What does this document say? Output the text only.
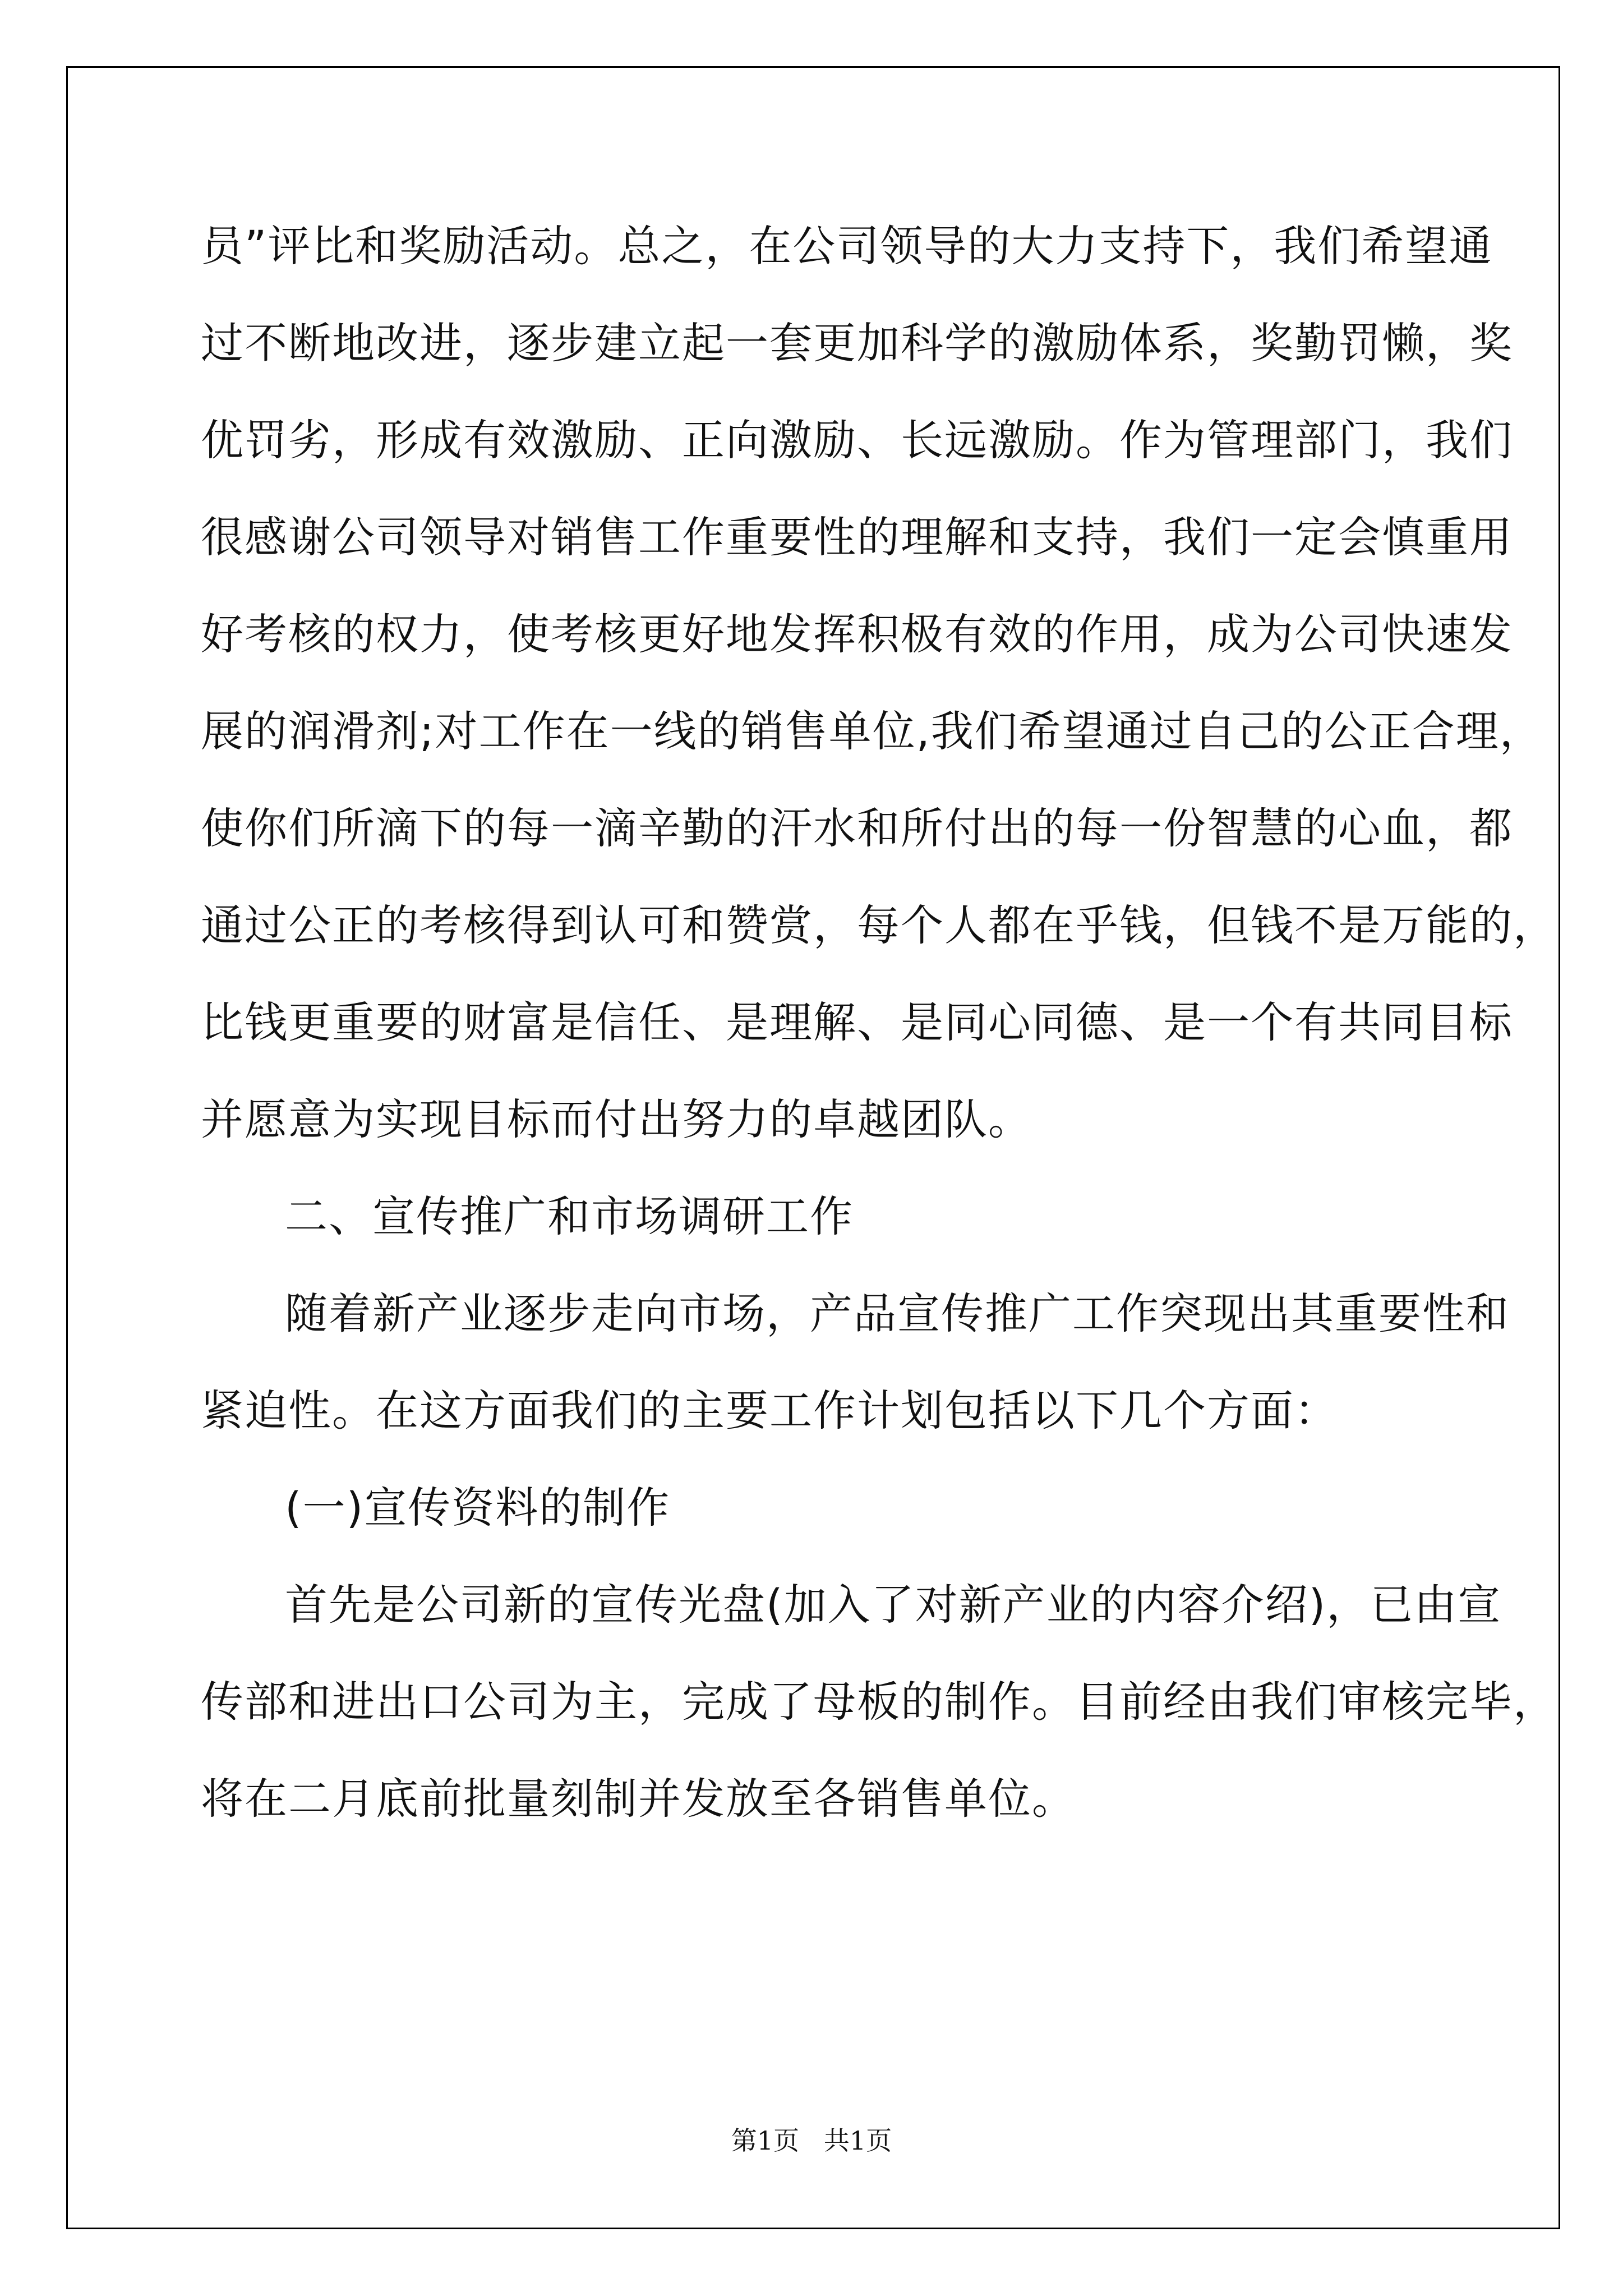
员”评比和奖励活动。总之，在公司领导的大力支持下，我们希望通
过不断地改进，逐步建立起一套更加科学的激励体系，奖勤罚懒，奖
优罚劣，形成有效激励、正向激励、长远激励。作为管理部门，我们
很感谢公司领导对销售工作重要性的理解和支持，我们一定会慎重用
好考核的权力，使考核更好地发挥积极有效的作用，成为公司快速发
展的润滑剂;对工作在一线的销售单位,我们希望通过自己的公正合理，
使你们所滴下的每一滴辛勤的汗水和所付出的每一份智慧的心血，都
通过公正的考核得到认可和赞赏，每个人都在乎钱，但钱不是万能的，
比钱更重要的财富是信任、是理解、是同心同德、是一个有共同目标
并愿意为实现目标而付出努力的卓越团队。
二、宣传推广和市场调研工作
随着新产业逐步走向市场，产品宣传推广工作突现出其重要性和
紧迫性。在这方面我们的主要工作计划包括以下几个方面：
(一)宣传资料的制作
首先是公司新的宣传光盘(加入了对新产业的内容介绍)，已由宣
传部和进出口公司为主，完成了母板的制作。目前经由我们审核完毕，
将在二月底前批量刻制并发放至各销售单位。
第1页   共1页
